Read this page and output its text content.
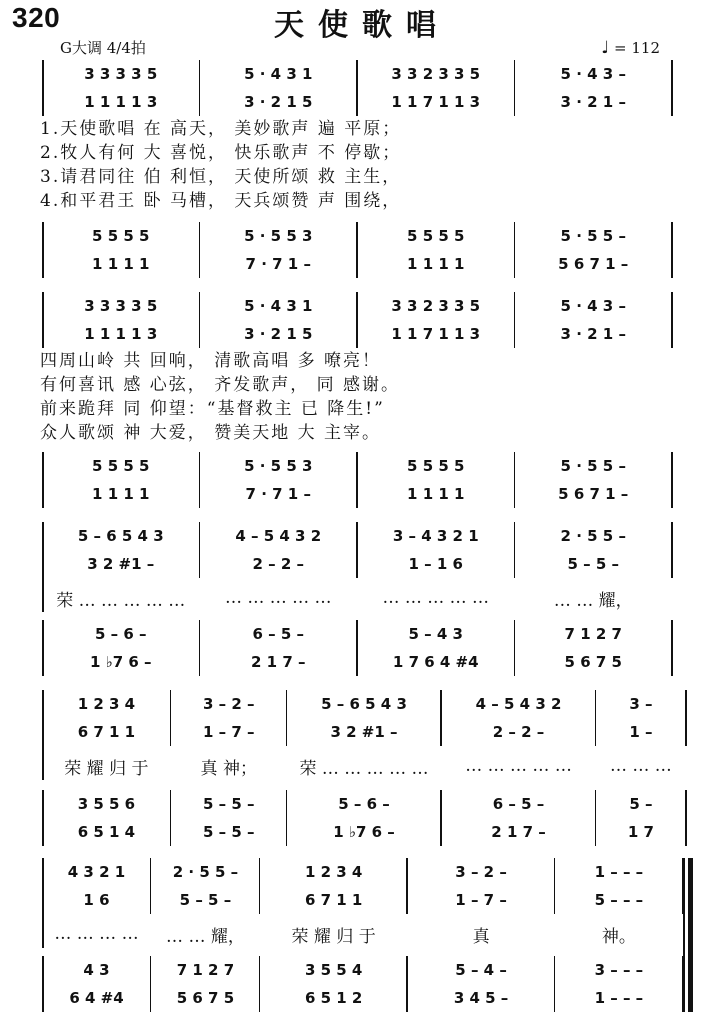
320	天使歌唱
G大调 4/4拍	♩ = 112
3 3 3 3 5
1 1 1 1 3
5 · 4 3 1
3 · 2 1 5
3 3 2 3 3 5
1 1 7 1 1 3
5 · 4 3 –
3 · 2 1 –
5 5 5 5
1 1 1 1
5 · 5 5 3
7 · 7 1 –
5 5 5 5
1 1 1 1
5 · 5 5 –
5 6 7 1 –
3 3 3 3 5
1 1 1 1 3
5 · 4 3 1
3 · 2 1 5
3 3 2 3 3 5
1 1 7 1 1 3
5 · 4 3 –
3 · 2 1 –
5 5 5 5
1 1 1 1
5 · 5 5 3
7 · 7 1 –
5 5 5 5
1 1 1 1
5 · 5 5 –
5 6 7 1 –
5 – 6 5 4 3
3 2 #1 –
荣 … … … … …
4 – 5 4 3 2
2 – 2 –
… … … … …
3 – 4 3 2 1
1 – 1 6
… … … … …
2 · 5 5 –
5 – 5 –
… … 耀，
5 – 6 –
1 ♭7 6 –
6 – 5 –
2 1 7 –
5 – 4 3
1 7 6 4 #4
7 1 2 7
5 6 7 5
1 2 3 4
6 7 1 1
荣 耀 归 于
3 – 2 –
1 – 7 –
真 神；
5 – 6 5 4 3
3 2 #1 –
荣 … … … … …
4 – 5 4 3 2
2 – 2 –
… … … … …
3 –
1 –
… … …
3 5 5 6
6 5 1 4
5 – 5 –
5 – 5 –
5 – 6 –
1 ♭7 6 –
6 – 5 –
2 1 7 –
5 –
1 7
4 3 2 1
1 6
… … … …
2 · 5 5 –
5 – 5 –
… … 耀，
1 2 3 4
6 7 1 1
荣 耀 归 于
3 – 2 –
1 – 7 –
真
1 – – –
5 – – –
神。
4 3
6 4 #4
7 1 2 7
5 6 7 5
3 5 5 4
6 5 1 2
5 – 4 –
3 4 5 –
3 – – –
1 – – –
1.天使歌唱 在 高天， 美妙歌声 遍 平原；
2.牧人有何 大 喜悦， 快乐歌声 不 停歇；
3.请君同往 伯 利恒， 天使所颂 救 主生，
4.和平君王 卧 马槽， 天兵颂赞 声 围绕，
四周山岭 共 回响， 清歌高唱 多 嘹亮！
有何喜讯 感 心弦， 齐发歌声， 同 感谢。
前来跪拜 同 仰望：“基督救主 已 降生!”
众人歌颂 神 大爱， 赞美天地 大 主宰。
